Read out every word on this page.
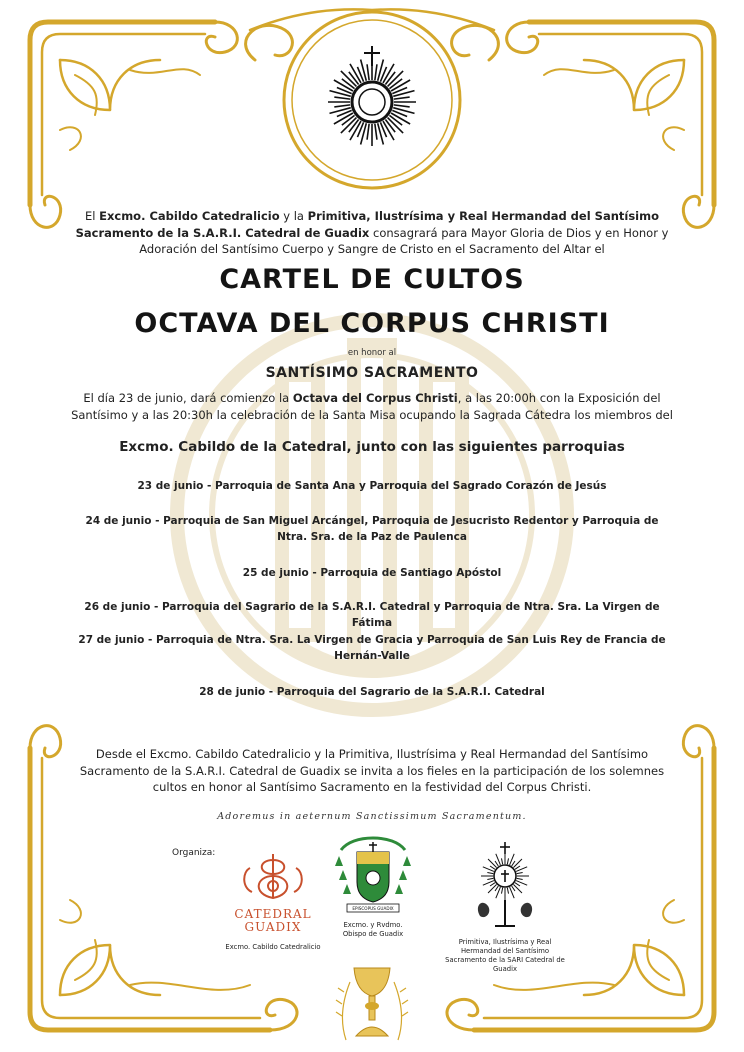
El Excmo. Cabildo Catedralicio y la Primitiva, Ilustrísima y Real Hermandad del Santísimo Sacramento de la S.A.R.I. Catedral de Guadix consagrará para Mayor Gloria de Dios y en Honor y Adoración del Santísimo Cuerpo y Sangre de Cristo en el Sacramento del Altar el
CARTEL DE CULTOS
OCTAVA DEL CORPUS CHRISTI
en honor al
SANTÍSIMO SACRAMENTO
El día 23 de junio, dará comienzo la Octava del Corpus Christi, a las 20:00h con la Exposición del Santísimo y a las 20:30h la celebración de la Santa Misa ocupando la Sagrada Cátedra los miembros del
Excmo. Cabildo de la Catedral, junto con las siguientes parroquias
23 de junio - Parroquia de Santa Ana y Parroquia del Sagrado Corazón de Jesús
24 de junio - Parroquia de San Miguel Arcángel, Parroquia de Jesucristo Redentor y Parroquia de Ntra. Sra. de la Paz de Paulenca
25 de junio - Parroquia de Santiago Apóstol
26 de junio - Parroquia del Sagrario de la S.A.R.I. Catedral y Parroquia de Ntra. Sra. La Virgen de Fátima
27 de junio - Parroquia de Ntra. Sra. La Virgen de Gracia y Parroquia de San Luis Rey de Francia de Hernán-Valle
28 de junio - Parroquia del Sagrario de la S.A.R.I. Catedral
Desde el Excmo. Cabildo Catedralicio y la Primitiva, Ilustrísima y Real Hermandad del Santísimo Sacramento de la S.A.R.I. Catedral de Guadix se invita a los fieles en la participación de los solemnes cultos en honor al Santísimo Sacramento en la festividad del Corpus Christi.
Adoremus in aeternum Sanctissimum Sacramentum.
Organiza:
CATEDRAL
GUADIX
Excmo. Cabildo Catedralicio
EPISCOPUS GUADIX
Excmo. y Rvdmo. Obispo de Guadix
Primitiva, Ilustrísima y Real Hermandad del Santísimo Sacramento de la SARI Catedral de Guadix
